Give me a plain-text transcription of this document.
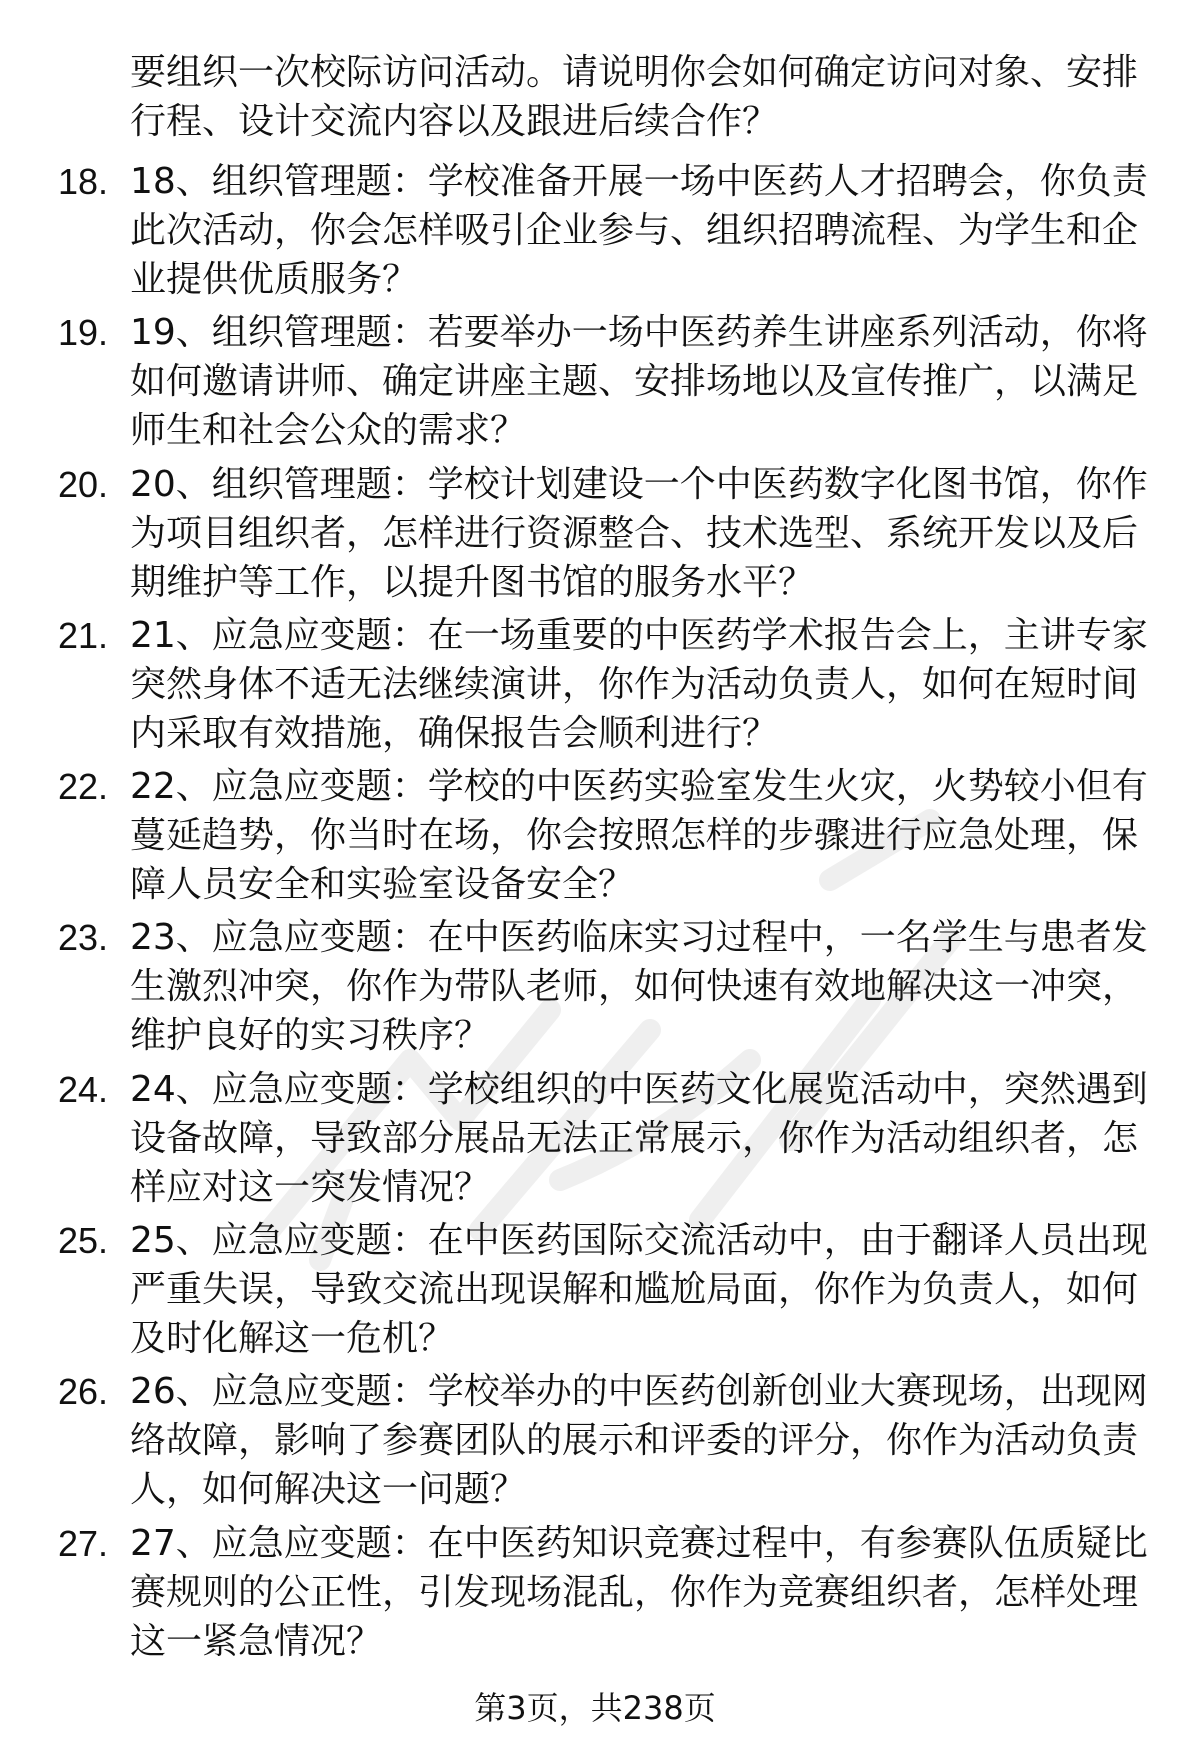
要组织一次校际访问活动。请说明你会如何确定访问对象、安排行程、设计交流内容以及跟进后续合作？

18. 18、组织管理题：学校准备开展一场中医药人才招聘会，你负责此次活动，你会怎样吸引企业参与、组织招聘流程、为学生和企业提供优质服务？

19. 19、组织管理题：若要举办一场中医药养生讲座系列活动，你将如何邀请讲师、确定讲座主题、安排场地以及宣传推广，以满足师生和社会公众的需求？

20. 20、组织管理题：学校计划建设一个中医药数字化图书馆，你作为项目组织者，怎样进行资源整合、技术选型、系统开发以及后期维护等工作，以提升图书馆的服务水平？

21. 21、应急应变题：在一场重要的中医药学术报告会上，主讲专家突然身体不适无法继续演讲，你作为活动负责人，如何在短时间内采取有效措施，确保报告会顺利进行？

22. 22、应急应变题：学校的中医药实验室发生火灾，火势较小但有蔓延趋势，你当时在场，你会按照怎样的步骤进行应急处理，保障人员安全和实验室设备安全？

23. 23、应急应变题：在中医药临床实习过程中，一名学生与患者发生激烈冲突，你作为带队老师，如何快速有效地解决这一冲突，维护良好的实习秩序？

24. 24、应急应变题：学校组织的中医药文化展览活动中，突然遇到设备故障，导致部分展品无法正常展示，你作为活动组织者，怎样应对这一突发情况？

25. 25、应急应变题：在中医药国际交流活动中，由于翻译人员出现严重失误，导致交流出现误解和尴尬局面，你作为负责人，如何及时化解这一危机？

26. 26、应急应变题：学校举办的中医药创新创业大赛现场，出现网络故障，影响了参赛团队的展示和评委的评分，你作为活动负责人，如何解决这一问题？

27. 27、应急应变题：在中医药知识竞赛过程中，有参赛队伍质疑比赛规则的公正性，引发现场混乱，你作为竞赛组织者，怎样处理这一紧急情况？

第3页，共238页
